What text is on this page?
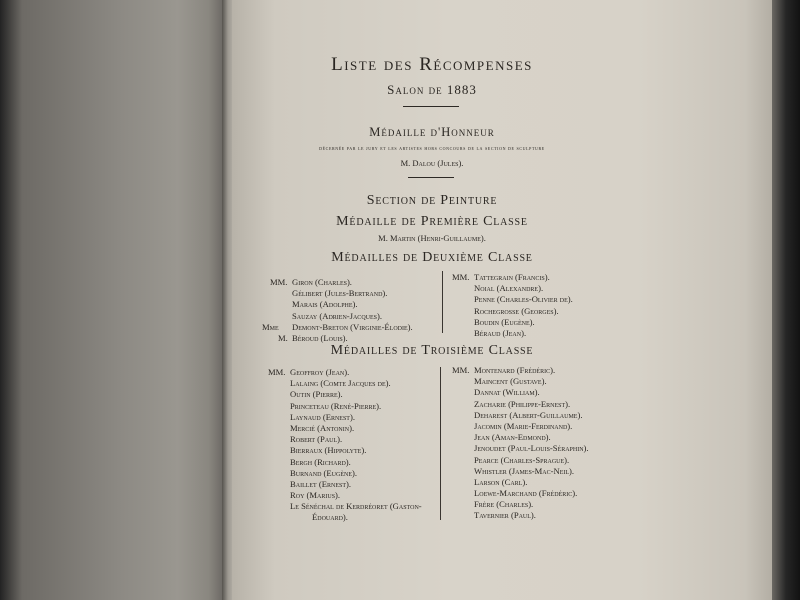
Liste des Récompenses
Salon de 1883
Médaille d'Honneur
décernée par le jury et les artistes hors concours de la section de sculpture
M. Dalou (Jules).
Section de Peinture
Médaille de Première Classe
M. Martin (Henri-Guillaume).
Médailles de Deuxième Classe
MM. Giron (Charles).
Gélibert (Jules-Bertrand).
Marais (Adolphe).
Sauzay (Adrien-Jacques).
Mme Demont-Breton (Virginie-Élodie).
M. Béroud (Louis).
MM. Tattegrain (Francis).
Noial (Alexandre).
Penne (Charles-Olivier de).
Rochegrosse (Georges).
Boudin (Eugène).
Béraud (Jean).
Médailles de Troisième Classe
MM. Geoffroy (Jean).
Lalaing (Comte Jacques de).
Outin (Pierre).
Princeteau (René-Pierre).
Laynaud (Ernest).
Mercié (Antonin).
Robert (Paul).
Bierraux (Hippolyte).
Bergh (Richard).
Burnand (Eugène).
Baillet (Ernest).
Roy (Marius).
Le Sénéchal de Kerdréoret (Gaston-
Édouard).
MM. Montenard (Frédéric).
Maincent (Gustave).
Dannat (William).
Zacharie (Philippe-Ernest).
Deharest (Albert-Guillaume).
Jacomin (Marie-Ferdinand).
Jean (Aman-Edmond).
Jenoudet (Paul-Louis-Séraphin).
Pearce (Charles-Sprague).
Whistler (James-Mac-Neil).
Larson (Carl).
Loewe-Marchand (Frédéric).
Frère (Charles).
Tavernier (Paul).
